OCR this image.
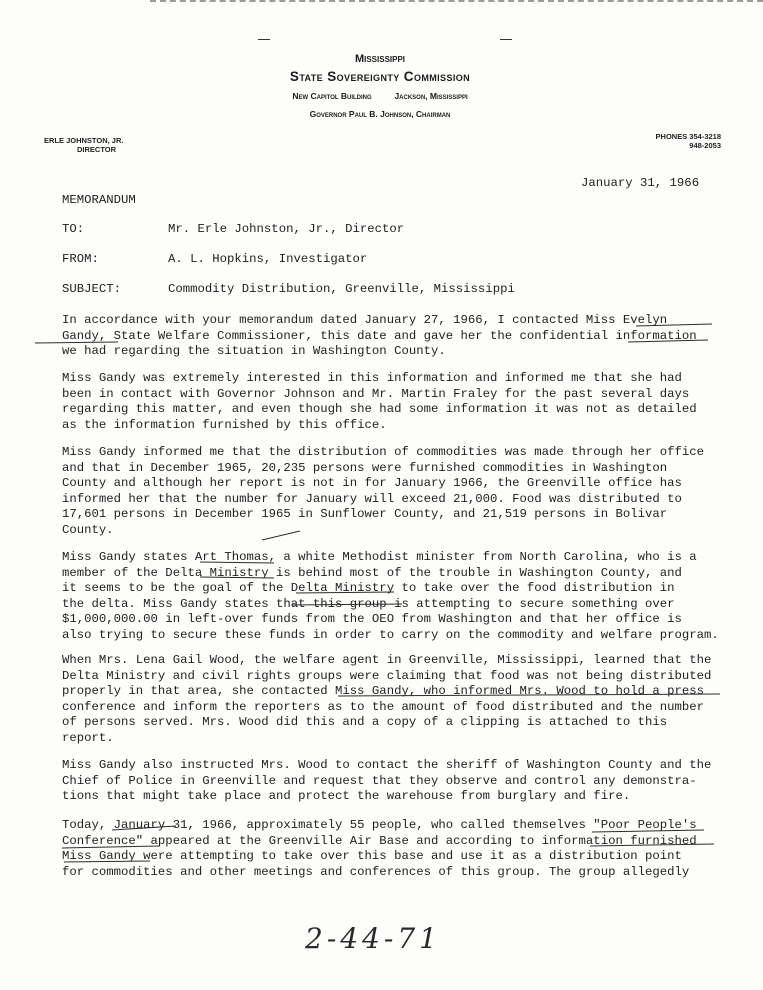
Mississippi
State Sovereignty Commission
New Capitol Building	Jackson, Mississippi
Governor Paul B. Johnson, Chairman
ERLE JOHNSTON, JR.
DIRECTOR
PHONES 354-3218
948-2053
January 31, 1966
MEMORANDUM
TO:	Mr. Erle Johnston, Jr., Director
FROM:	A. L. Hopkins, Investigator
SUBJECT:	Commodity Distribution, Greenville, Mississippi
In accordance with your memorandum dated January 27, 1966, I contacted Miss Evelyn
Gandy, State Welfare Commissioner, this date and gave her the confidential information
we had regarding the situation in Washington County.
Miss Gandy was extremely interested in this information and informed me that she had
been in contact with Governor Johnson and Mr. Martin Fraley for the past several days
regarding this matter, and even though she had some information it was not as detailed
as the information furnished by this office.
Miss Gandy informed me that the distribution of commodities was made through her office
and that in December 1965, 20,235 persons were furnished commodities in Washington
County and although her report is not in for January 1966, the Greenville office has
informed her that the number for January will exceed 21,000. Food was distributed to
17,601 persons in December 1965 in Sunflower County, and 21,519 persons in Bolivar
County.
Miss Gandy states Art Thomas, a white Methodist minister from North Carolina, who is a
member of the Delta Ministry is behind most of the trouble in Washington County, and
it seems to be the goal of the Delta Ministry to take over the food distribution in
the delta. Miss Gandy states that this group is attempting to secure something over
$1,000,000.00 in left-over funds from the OEO from Washington and that her office is
also trying to secure these funds in order to carry on the commodity and welfare program.
When Mrs. Lena Gail Wood, the welfare agent in Greenville, Mississippi, learned that the
Delta Ministry and civil rights groups were claiming that food was not being distributed
properly in that area, she contacted Miss Gandy, who informed Mrs. Wood to hold a press
conference and inform the reporters as to the amount of food distributed and the number
of persons served. Mrs. Wood did this and a copy of a clipping is attached to this
report.
Miss Gandy also instructed Mrs. Wood to contact the sheriff of Washington County and the
Chief of Police in Greenville and request that they observe and control any demonstra-
tions that might take place and protect the warehouse from burglary and fire.
Today, January 31, 1966, approximately 55 people, who called themselves "Poor People's
Conference" appeared at the Greenville Air Base and according to information furnished
Miss Gandy were attempting to take over this base and use it as a distribution point
for commodities and other meetings and conferences of this group. The group allegedly
2-44-71
